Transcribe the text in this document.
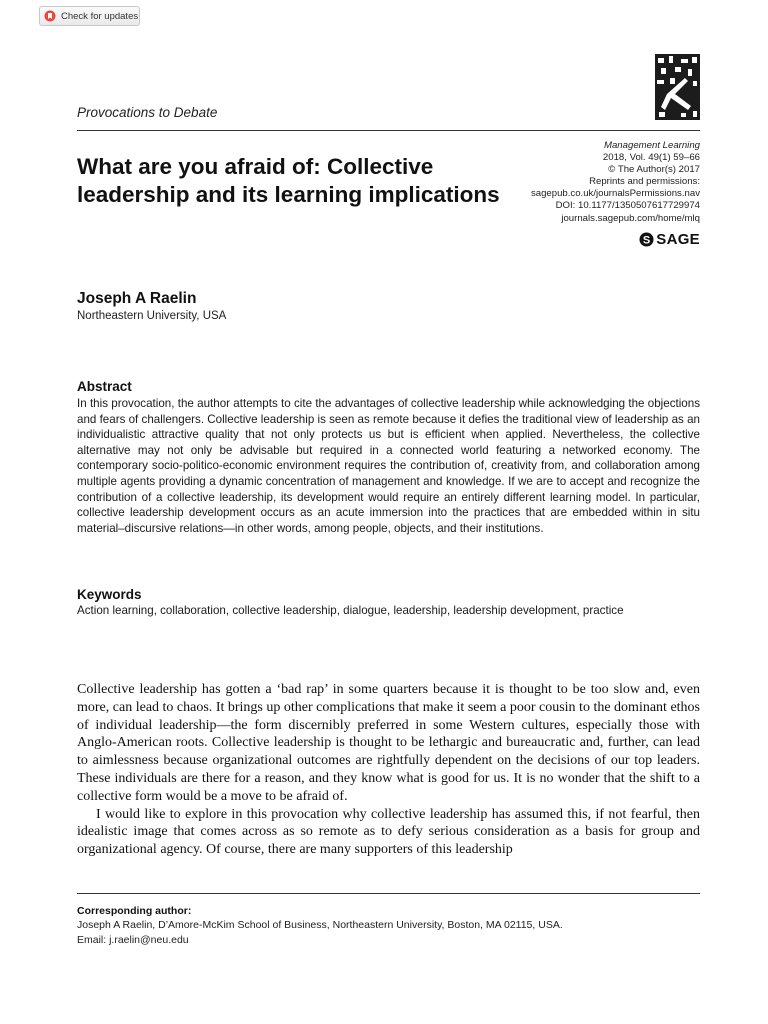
Check for updates
Provocations to Debate
What are you afraid of: Collective leadership and its learning implications
Management Learning
2018, Vol. 49(1) 59–66
© The Author(s) 2017
Reprints and permissions:
sagepub.co.uk/journalsPermissions.nav
DOI: 10.1177/1350507617729974
journals.sagepub.com/home/mlq
S SAGE
Joseph A Raelin
Northeastern University, USA
Abstract

In this provocation, the author attempts to cite the advantages of collective leadership while acknowledging the objections and fears of challengers. Collective leadership is seen as remote because it defies the traditional view of leadership as an individualistic attractive quality that not only protects us but is efficient when applied. Nevertheless, the collective alternative may not only be advisable but required in a connected world featuring a networked economy. The contemporary socio-politico-economic environment requires the contribution of, creativity from, and collaboration among multiple agents providing a dynamic concentration of management and knowledge. If we are to accept and recognize the contribution of a collective leadership, its development would require an entirely different learning model. In particular, collective leadership development occurs as an acute immersion into the practices that are embedded within in situ material–discursive relations—in other words, among people, objects, and their institutions.

Keywords
Action learning, collaboration, collective leadership, dialogue, leadership, leadership development, practice

Collective leadership has gotten a ‘bad rap’ in some quarters because it is thought to be too slow and, even more, can lead to chaos. It brings up other complications that make it seem a poor cousin to the dominant ethos of individual leadership—the form discernibly preferred in some Western cultures, especially those with Anglo-American roots. Collective leadership is thought to be lethargic and bureaucratic and, further, can lead to aimlessness because organizational outcomes are rightfully dependent on the decisions of our top leaders. These individuals are there for a reason, and they know what is good for us. It is no wonder that the shift to a collective form would be a move to be afraid of.

I would like to explore in this provocation why collective leadership has assumed this, if not fearful, then idealistic image that comes across as so remote as to defy serious consideration as a basis for group and organizational agency. Of course, there are many supporters of this leadership

Corresponding author:
Joseph A Raelin, D’Amore-McKim School of Business, Northeastern University, Boston, MA 02115, USA.
Email: j.raelin@neu.edu
